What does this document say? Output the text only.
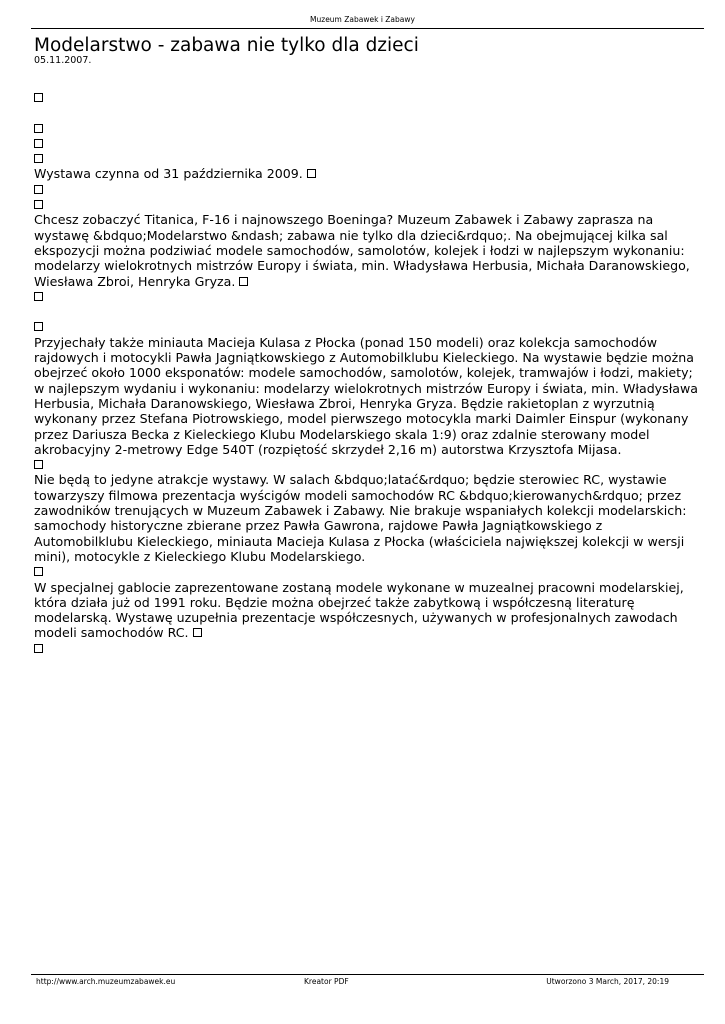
Muzeum Zabawek i Zabawy
Modelarstwo - zabawa nie tylko dla dzieci
05.11.2007.
Wystawa czynna od 31 października 2009.
Chcesz zobaczyć Titanica, F-16 i najnowszego Boeninga? Muzeum Zabawek i Zabawy zaprasza na
wystawę &bdquo;Modelarstwo &ndash; zabawa nie tylko dla dzieci&rdquo;. Na obejmującej kilka sal
ekspozycji można podziwiać modele samochodów, samolotów, kolejek i łodzi w najlepszym wykonaniu:
modelarzy wielokrotnych mistrzów Europy i świata, min. Władysława Herbusia, Michała Daranowskiego,
Wiesława Zbroi, Henryka Gryza.
Przyjechały także miniauta Macieja Kulasa z Płocka (ponad 150 modeli) oraz kolekcja samochodów
rajdowych i motocykli Pawła Jagniątkowskiego z Automobilklubu Kieleckiego. Na wystawie będzie można
obejrzeć około 1000 eksponatów: modele samochodów, samolotów, kolejek, tramwajów i łodzi, makiety;
w najlepszym wydaniu i wykonaniu: modelarzy wielokrotnych mistrzów Europy i świata, min. Władysława
Herbusia, Michała Daranowskiego, Wiesława Zbroi, Henryka Gryza. Będzie rakietoplan z wyrzutnią
wykonany przez Stefana Piotrowskiego, model pierwszego motocykla marki Daimler Einspur (wykonany
przez Dariusza Becka z Kieleckiego Klubu Modelarskiego skala 1:9) oraz zdalnie sterowany model
akrobacyjny 2-metrowy Edge 540T (rozpiętość skrzydeł 2,16 m) autorstwa Krzysztofa Mijasa.
Nie będą to jedyne atrakcje wystawy. W salach &bdquo;latać&rdquo; będzie sterowiec RC, wystawie
towarzyszy filmowa prezentacja wyścigów modeli samochodów RC &bdquo;kierowanych&rdquo; przez
zawodników trenujących w Muzeum Zabawek i Zabawy. Nie brakuje wspaniałych kolekcji modelarskich:
samochody historyczne zbierane przez Pawła Gawrona, rajdowe Pawła Jagniątkowskiego z
Automobilklubu Kieleckiego, miniauta Macieja Kulasa z Płocka (właściciela największej kolekcji w wersji
mini), motocykle z Kieleckiego Klubu Modelarskiego.
W specjalnej gablocie zaprezentowane zostaną modele wykonane w muzealnej pracowni modelarskiej,
która działa już od 1991 roku. Będzie można obejrzeć także zabytkową i współczesną literaturę
modelarską. Wystawę uzupełnia prezentacje współczesnych, używanych w profesjonalnych zawodach
modeli samochodów RC.
http://www.arch.muzeumzabawek.eu	Kreator PDF	Utworzono 3 March, 2017, 20:19
